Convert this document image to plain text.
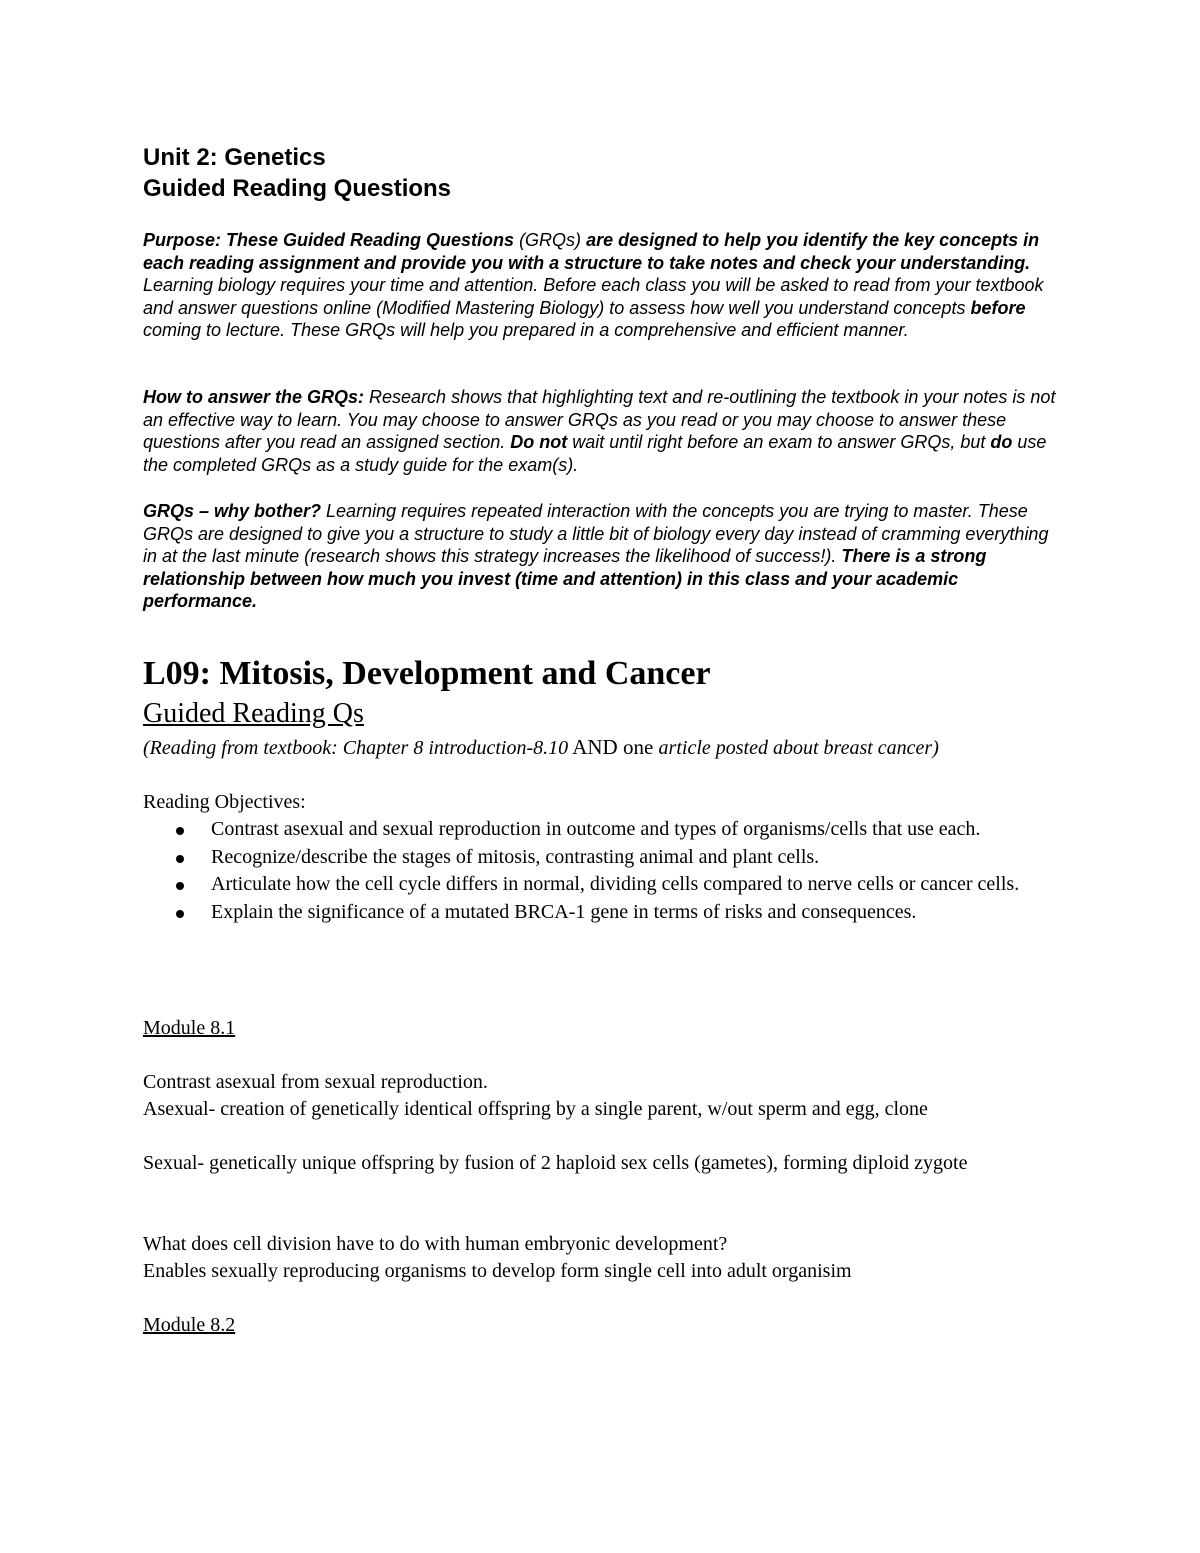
Unit 2: Genetics
Guided Reading Questions
Purpose: These Guided Reading Questions (GRQs) are designed to help you identify the key concepts in each reading assignment and provide you with a structure to take notes and check your understanding. Learning biology requires your time and attention. Before each class you will be asked to read from your textbook and answer questions online (Modified Mastering Biology) to assess how well you understand concepts before coming to lecture. These GRQs will help you prepared in a comprehensive and efficient manner.
How to answer the GRQs: Research shows that highlighting text and re-outlining the textbook in your notes is not an effective way to learn. You may choose to answer GRQs as you read or you may choose to answer these questions after you read an assigned section. Do not wait until right before an exam to answer GRQs, but do use the completed GRQs as a study guide for the exam(s).
GRQs – why bother? Learning requires repeated interaction with the concepts you are trying to master. These GRQs are designed to give you a structure to study a little bit of biology every day instead of cramming everything in at the last minute (research shows this strategy increases the likelihood of success!). There is a strong relationship between how much you invest (time and attention) in this class and your academic performance.
L09: Mitosis, Development and Cancer
Guided Reading Qs
(Reading from textbook: Chapter 8 introduction-8.10 AND one article posted about breast cancer)
Reading Objectives:
Contrast asexual and sexual reproduction in outcome and types of organisms/cells that use each.
Recognize/describe the stages of mitosis, contrasting animal and plant cells.
Articulate how the cell cycle differs in normal, dividing cells compared to nerve cells or cancer cells.
Explain the significance of a mutated BRCA-1 gene in terms of risks and consequences.
Module 8.1
Contrast asexual from sexual reproduction.
Asexual- creation of genetically identical offspring by a single parent, w/out sperm and egg, clone
Sexual- genetically unique offspring by fusion of 2 haploid sex cells (gametes), forming diploid zygote
What does cell division have to do with human embryonic development?
Enables sexually reproducing organisms to develop form single cell into adult organisim
Module 8.2
